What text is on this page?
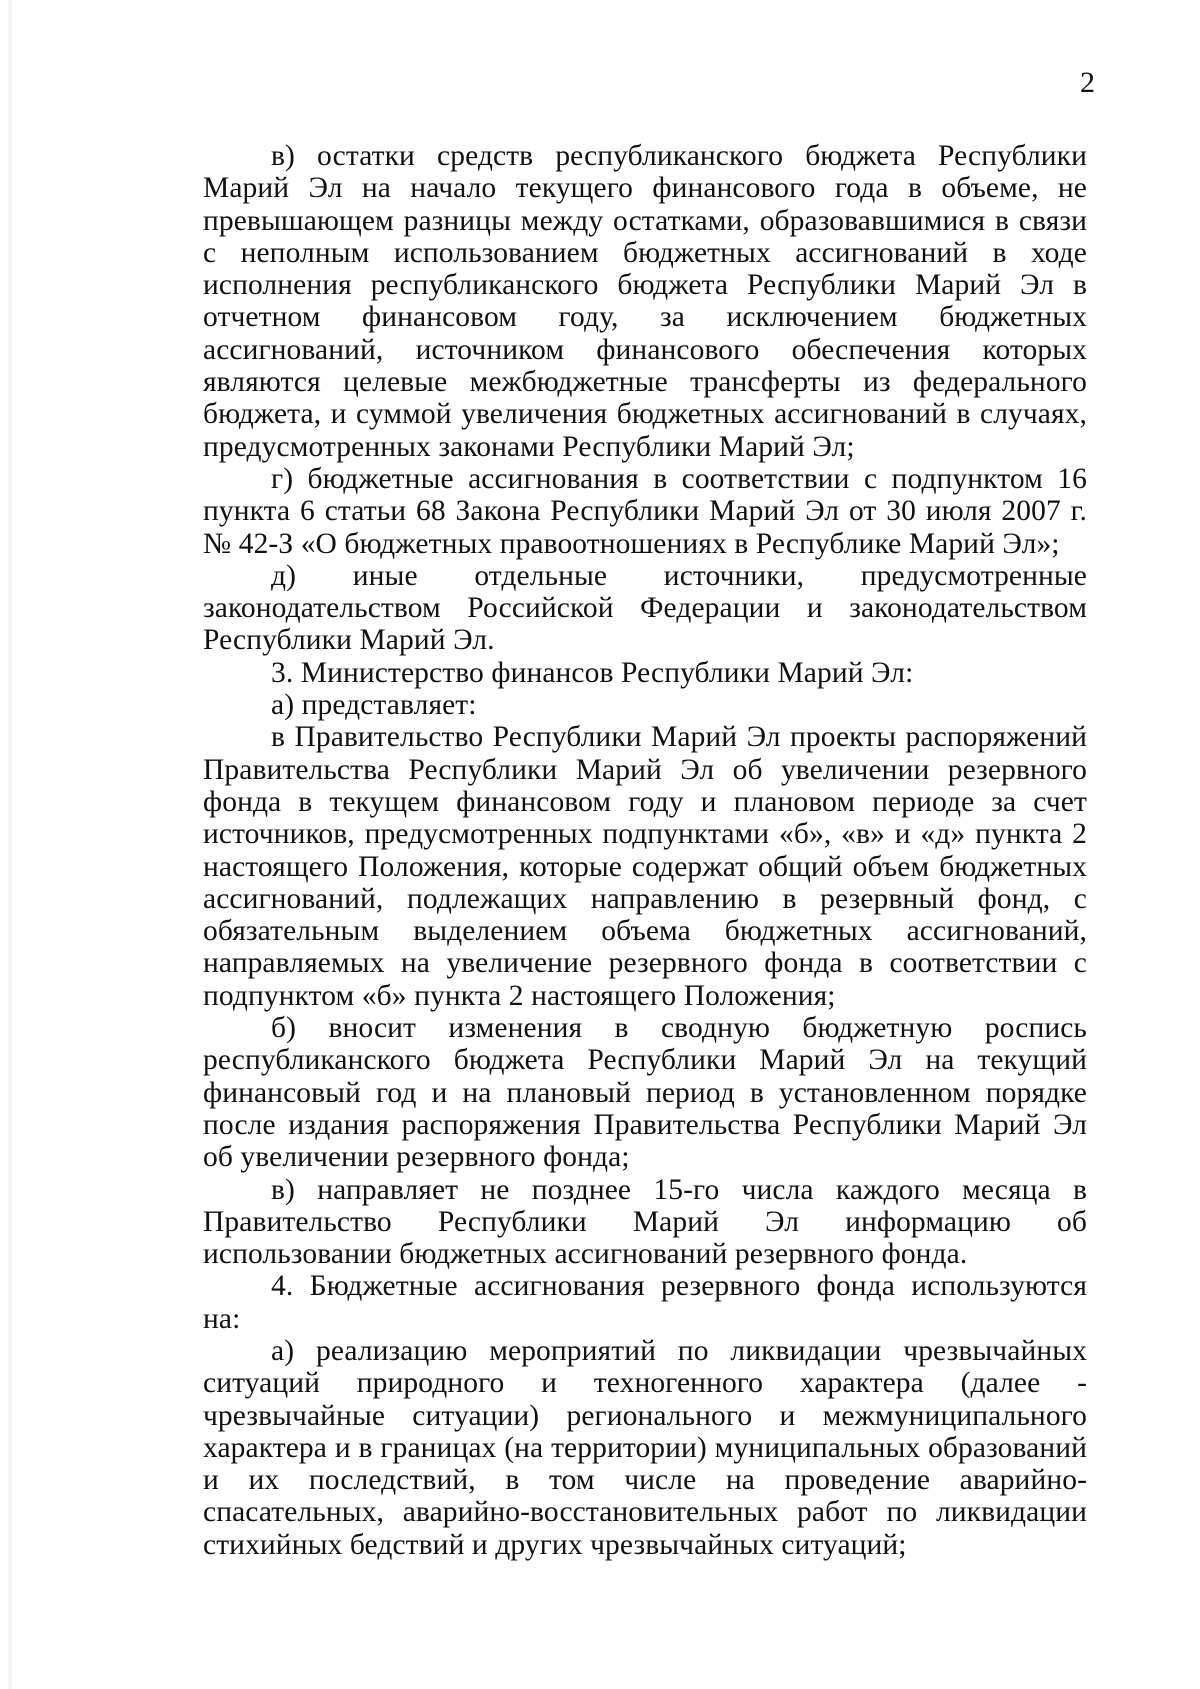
2

в) остатки средств республиканского бюджета Республики Марий Эл на начало текущего финансового года в объеме, не превышающем разницы между остатками, образовавшимися в связи с неполным использованием бюджетных ассигнований в ходе исполнения республиканского бюджета Республики Марий Эл в отчетном финансовом году, за исключением бюджетных ассигнований, источником финансового обеспечения которых являются целевые межбюджетные трансферты из федерального бюджета, и суммой увеличения бюджетных ассигнований в случаях, предусмотренных законами Республики Марий Эл;

г) бюджетные ассигнования в соответствии с подпунктом 16 пункта 6 статьи 68 Закона Республики Марий Эл от 30 июля 2007 г. № 42-З «О бюджетных правоотношениях в Республике Марий Эл»;

д) иные отдельные источники, предусмотренные законодательством Российской Федерации и законодательством Республики Марий Эл.

3. Министерство финансов Республики Марий Эл:

а) представляет:

в Правительство Республики Марий Эл проекты распоряжений Правительства Республики Марий Эл об увеличении резервного фонда в текущем финансовом году и плановом периоде за счет источников, предусмотренных подпунктами «б», «в» и «д» пункта 2 настоящего Положения, которые содержат общий объем бюджетных ассигнований, подлежащих направлению в резервный фонд, с обязательным выделением объема бюджетных ассигнований, направляемых на увеличение резервного фонда в соответствии с подпунктом «б» пункта 2 настоящего Положения;

б) вносит изменения в сводную бюджетную роспись республиканского бюджета Республики Марий Эл на текущий финансовый год и на плановый период в установленном порядке после издания распоряжения Правительства Республики Марий Эл об увеличении резервного фонда;

в) направляет не позднее 15-го числа каждого месяца в Правительство Республики Марий Эл информацию об использовании бюджетных ассигнований резервного фонда.

4. Бюджетные ассигнования резервного фонда используются на:

а) реализацию мероприятий по ликвидации чрезвычайных ситуаций природного и техногенного характера (далее - чрезвычайные ситуации) регионального и межмуниципального характера и в границах (на территории) муниципальных образований и их последствий, в том числе на проведение аварийно-спасательных, аварийно-восстановительных работ по ликвидации стихийных бедствий и других чрезвычайных ситуаций;
